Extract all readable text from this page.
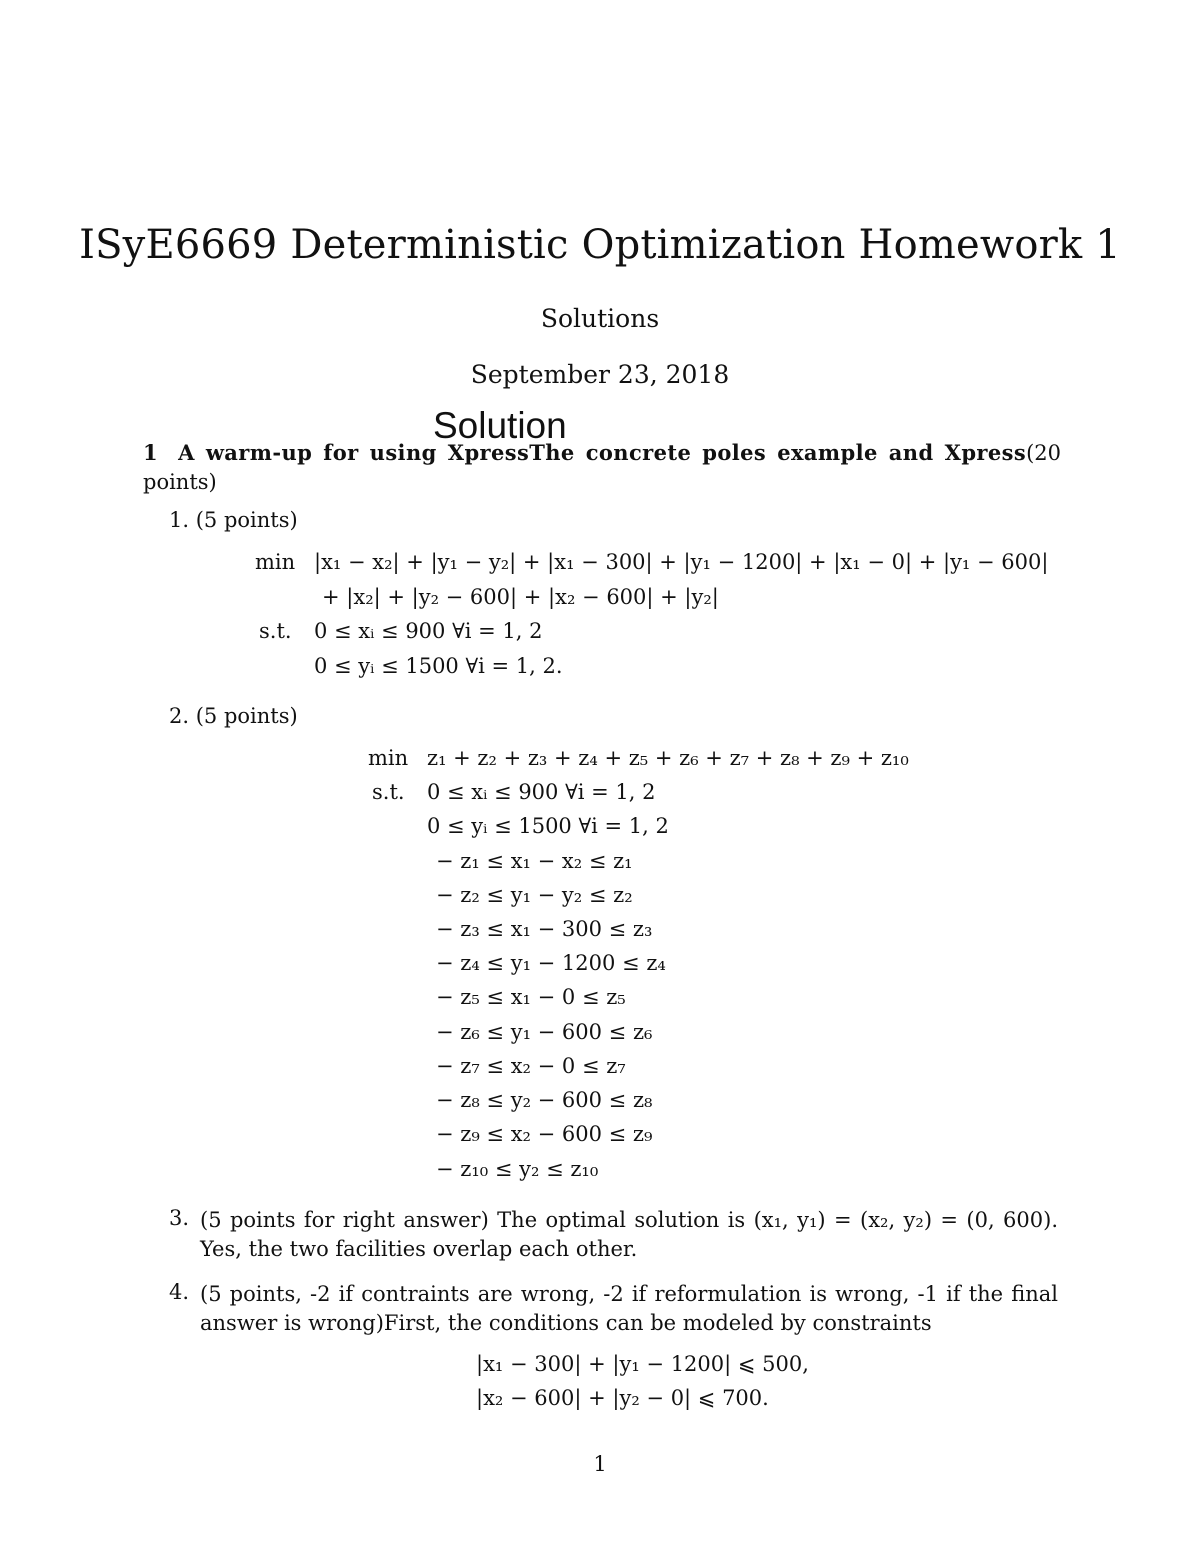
ISyE6669 Deterministic Optimization Homework 1
Solutions
September 23, 2018
Solution
1 A warm-up for using XpressThe concrete poles example and Xpress(20 points)
1. (5 points)
min |x₁ − x₂| + |y₁ − y₂| + |x₁ − 300| + |y₁ − 1200| + |x₁ − 0| + |y₁ − 600|
+ |x₂| + |y₂ − 600| + |x₂ − 600| + |y₂|
s.t. 0 ≤ xᵢ ≤ 900 ∀i = 1, 2
0 ≤ yᵢ ≤ 1500 ∀i = 1, 2.
2. (5 points)
min z₁ + z₂ + z₃ + z₄ + z₅ + z₆ + z₇ + z₈ + z₉ + z₁₀
s.t. 0 ≤ xᵢ ≤ 900 ∀i = 1, 2
0 ≤ yᵢ ≤ 1500 ∀i = 1, 2
− z₁ ≤ x₁ − x₂ ≤ z₁
− z₂ ≤ y₁ − y₂ ≤ z₂
− z₃ ≤ x₁ − 300 ≤ z₃
− z₄ ≤ y₁ − 1200 ≤ z₄
− z₅ ≤ x₁ − 0 ≤ z₅
− z₆ ≤ y₁ − 600 ≤ z₆
− z₇ ≤ x₂ − 0 ≤ z₇
− z₈ ≤ y₂ − 600 ≤ z₈
− z₉ ≤ x₂ − 600 ≤ z₉
− z₁₀ ≤ y₂ ≤ z₁₀
3. (5 points for right answer) The optimal solution is (x₁, y₁) = (x₂, y₂) = (0, 600). Yes, the two facilities overlap each other.
4. (5 points, -2 if contraints are wrong, -2 if reformulation is wrong, -1 if the final answer is wrong)First, the conditions can be modeled by constraints
|x₁ − 300| + |y₁ − 1200| ⩽ 500,
|x₂ − 600| + |y₂ − 0| ⩽ 700.
1
